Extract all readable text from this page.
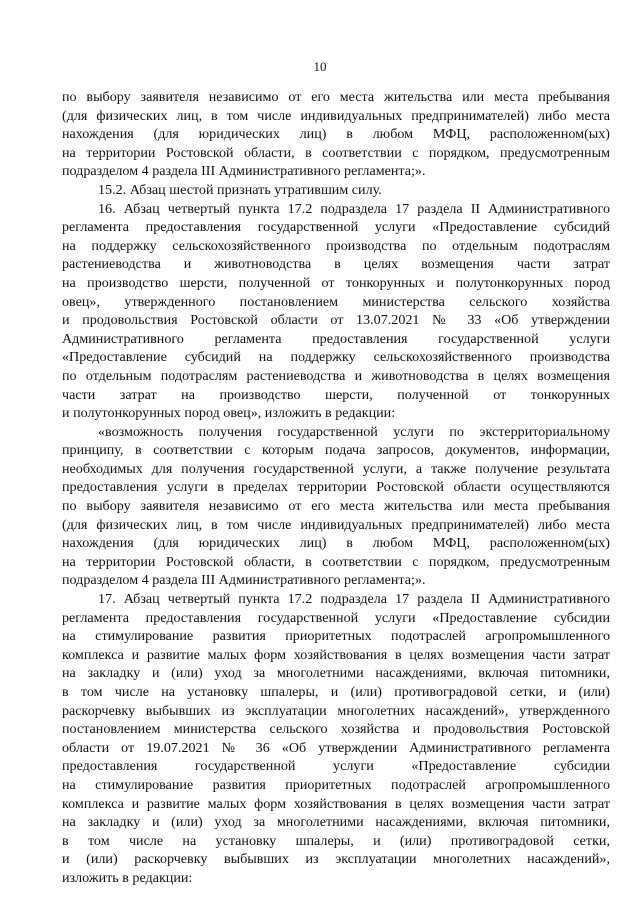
10
по выбору заявителя независимо от его места жительства или места пребывания
(для физических лиц, в том числе индивидуальных предпринимателей) либо места
нахождения (для юридических лиц) в любом МФЦ, расположенном(ых)
на территории Ростовской области, в соответствии с порядком, предусмотренным
подразделом 4 раздела III Административного регламента;».
15.2. Абзац шестой признать утратившим силу.
16. Абзац четвертый пункта 17.2 подраздела 17 раздела II Административного
регламента предоставления государственной услуги «Предоставление субсидий
на поддержку сельскохозяйственного производства по отдельным подотраслям
растениеводства и животноводства в целях возмещения части затрат
на производство шерсти, полученной от тонкорунных и полутонкорунных пород
овец», утвержденного постановлением министерства сельского хозяйства
и продовольствия Ростовской области от 13.07.2021 № 33 «Об утверждении
Административного регламента предоставления государственной услуги
«Предоставление субсидий на поддержку сельскохозяйственного производства
по отдельным подотраслям растениеводства и животноводства в целях возмещения
части затрат на производство шерсти, полученной от тонкорунных
и полутонкорунных пород овец», изложить в редакции:
«возможность получения государственной услуги по экстерриториальному
принципу, в соответствии с которым подача запросов, документов, информации,
необходимых для получения государственной услуги, а также получение результата
предоставления услуги в пределах территории Ростовской области осуществляются
по выбору заявителя независимо от его места жительства или места пребывания
(для физических лиц, в том числе индивидуальных предпринимателей) либо места
нахождения (для юридических лиц) в любом МФЦ, расположенном(ых)
на территории Ростовской области, в соответствии с порядком, предусмотренным
подразделом 4 раздела III Административного регламента;».
17. Абзац четвертый пункта 17.2 подраздела 17 раздела II Административного
регламента предоставления государственной услуги «Предоставление субсидии
на стимулирование развития приоритетных подотраслей агропромышленного
комплекса и развитие малых форм хозяйствования в целях возмещения части затрат
на закладку и (или) уход за многолетними насаждениями, включая питомники,
в том числе на установку шпалеры, и (или) противоградовой сетки, и (или)
раскорчевку выбывших из эксплуатации многолетних насаждений», утвержденного
постановлением министерства сельского хозяйства и продовольствия Ростовской
области от 19.07.2021 № 36 «Об утверждении Административного регламента
предоставления государственной услуги «Предоставление субсидии
на стимулирование развития приоритетных подотраслей агропромышленного
комплекса и развитие малых форм хозяйствования в целях возмещения части затрат
на закладку и (или) уход за многолетними насаждениями, включая питомники,
в том числе на установку шпалеры, и (или) противоградовой сетки,
и (или) раскорчевку выбывших из эксплуатации многолетних насаждений»,
изложить в редакции:
